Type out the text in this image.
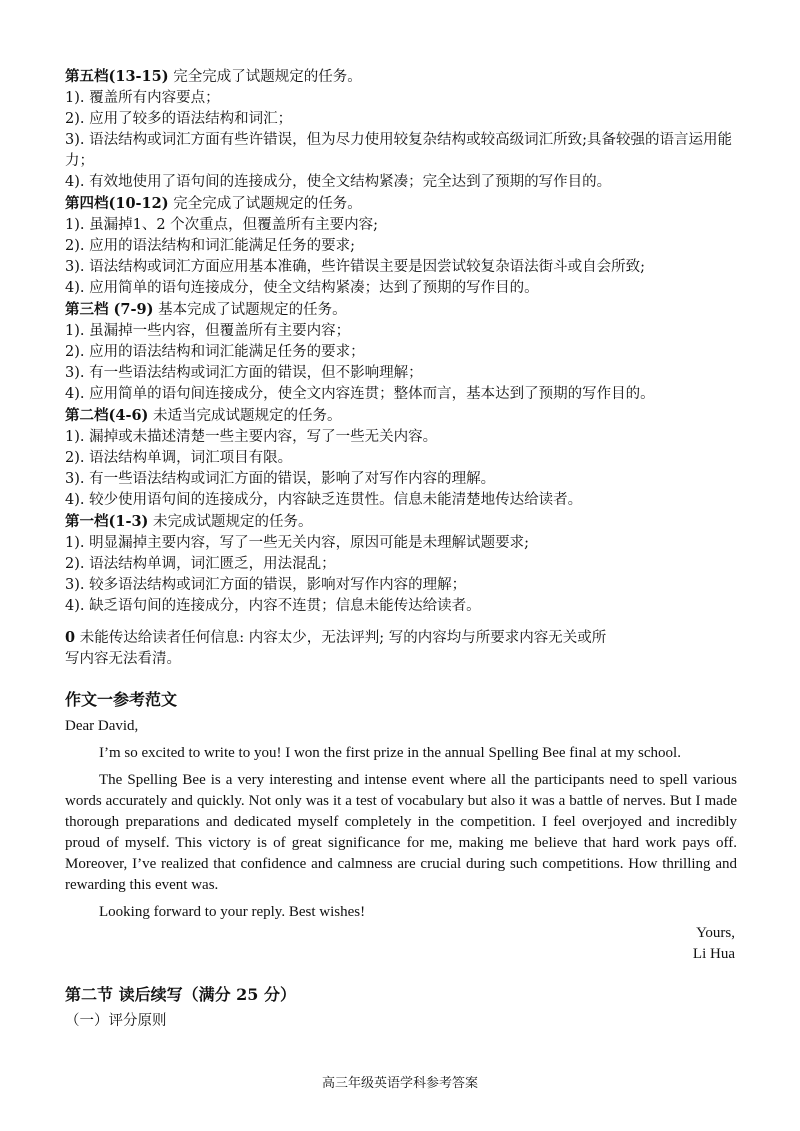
第五档(13-15) 完全完成了试题规定的任务。

1). 覆盖所有内容要点；

2). 应用了较多的语法结构和词汇；

3). 语法结构或词汇方面有些许错误，但为尽力使用较复杂结构或较高级词汇所致;具备较强的语言运用能力；

4). 有效地使用了语句间的连接成分，使全文结构紧凑；完全达到了预期的写作目的。

第四档(10-12) 完全完成了试题规定的任务。

1). 虽漏掉1、2 个次重点，但覆盖所有主要内容;

2). 应用的语法结构和词汇能满足任务的要求;

3). 语法结构或词汇方面应用基本准确，些许错误主要是因尝试较复杂语法街斗或自会所致;

4). 应用简单的语句连接成分，使全文结构紧凑；达到了预期的写作目的。

第三档 (7-9) 基本完成了试题规定的任务。

1). 虽漏掉一些内容，但覆盖所有主要内容；

2). 应用的语法结构和词汇能满足任务的要求；

3). 有一些语法结构或词汇方面的错误，但不影响理解；

4). 应用简单的语句间连接成分，使全文内容连贯；整体而言，基本达到了预期的写作目的。

第二档(4-6) 未适当完成试题规定的任务。

1). 漏掉或未描述清楚一些主要内容，写了一些无关内容。

2). 语法结构单调，词汇项目有限。

3). 有一些语法结构或词汇方面的错误，影响了对写作内容的理解。

4). 较少使用语句间的连接成分，内容缺乏连贯性。信息未能清楚地传达给读者。

第一档(1-3) 未完成试题规定的任务。

1). 明显漏掉主要内容，写了一些无关内容，原因可能是未理解试题要求;

2). 语法结构单调，词汇匮乏，用法混乱；

3). 较多语法结构或词汇方面的错误，影响对写作内容的理解；

4). 缺乏语句间的连接成分，内容不连贯；信息未能传达给读者。

0 未能传达给读者任何信息: 内容太少，无法评判; 写的内容均与所要求内容无关或所

写内容无法看清。

作文一参考范文

Dear David,

I’m so excited to write to you! I won the first prize in the annual Spelling Bee final at my school.

The Spelling Bee is a very interesting and intense event where all the participants need to spell various words accurately and quickly. Not only was it a test of vocabulary but also it was a battle of nerves. But I made thorough preparations and dedicated myself completely in the competition. I feel overjoyed and incredibly proud of myself. This victory is of great significance for me, making me believe that hard work pays off. Moreover, I’ve realized that confidence and calmness are crucial during such competitions. How thrilling and rewarding this event was.

Looking forward to your reply. Best wishes!

Yours,

Li Hua

第二节 读后续写（满分 25 分）

（一）评分原则

高三年级英语学科参考答案
